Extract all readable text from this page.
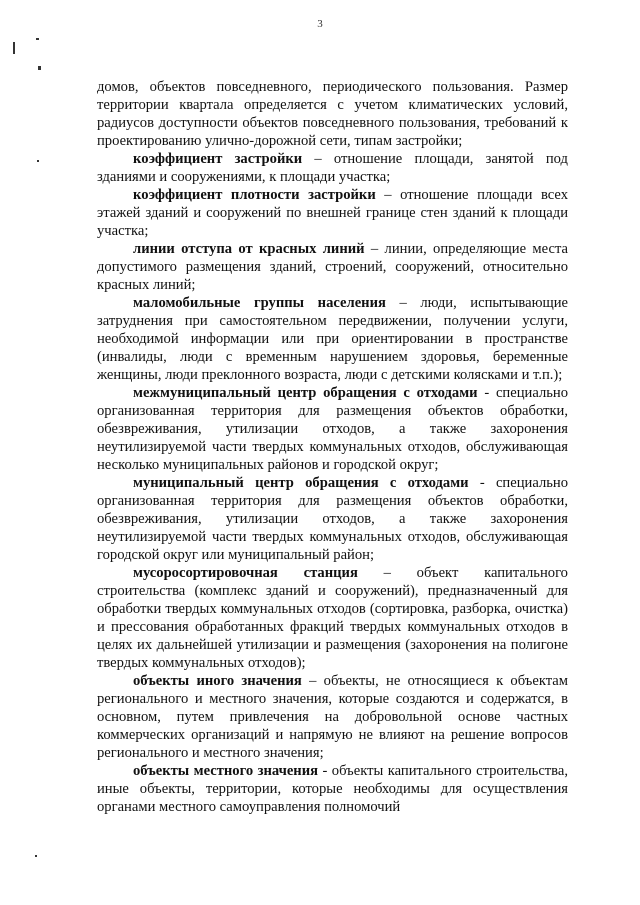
3

домов, объектов повседневного, периодического пользования. Размер территории квартала определяется с учетом климатических условий, радиусов доступности объектов повседневного пользования, требований к проектированию улично-дорожной сети, типам застройки;

коэффициент застройки – отношение площади, занятой под зданиями и сооружениями, к площади участка;

коэффициент плотности застройки – отношение площади всех этажей зданий и сооружений по внешней границе стен зданий к площади участка;

линии отступа от красных линий – линии, определяющие места допустимого размещения зданий, строений, сооружений, относительно красных линий;

маломобильные группы населения – люди, испытывающие затруднения при самостоятельном передвижении, получении услуги, необходимой информации или при ориентировании в пространстве (инвалиды, люди с временным нарушением здоровья, беременные женщины, люди преклонного возраста, люди с детскими колясками и т.п.);

межмуниципальный центр обращения с отходами - специально организованная территория для размещения объектов обработки, обезвреживания, утилизации отходов, а также захоронения неутилизируемой части твердых коммунальных отходов, обслуживающая несколько муниципальных районов и городской округ;

муниципальный центр обращения с отходами - специально организованная территория для размещения объектов обработки, обезвреживания, утилизации отходов, а также захоронения неутилизируемой части твердых коммунальных отходов, обслуживающая городской округ или муниципальный район;

мусоросортировочная станция – объект капитального строительства (комплекс зданий и сооружений), предназначенный для обработки твердых коммунальных отходов (сортировка, разборка, очистка) и прессования обработанных фракций твердых коммунальных отходов в целях их дальнейшей утилизации и размещения (захоронения на полигоне твердых коммунальных отходов);

объекты иного значения – объекты, не относящиеся к объектам регионального и местного значения, которые создаются и содержатся, в основном, путем привлечения на добровольной основе частных коммерческих организаций и напрямую не влияют на решение вопросов регионального и местного значения;

объекты местного значения - объекты капитального строительства, иные объекты, территории, которые необходимы для осуществления органами местного самоуправления полномочий
